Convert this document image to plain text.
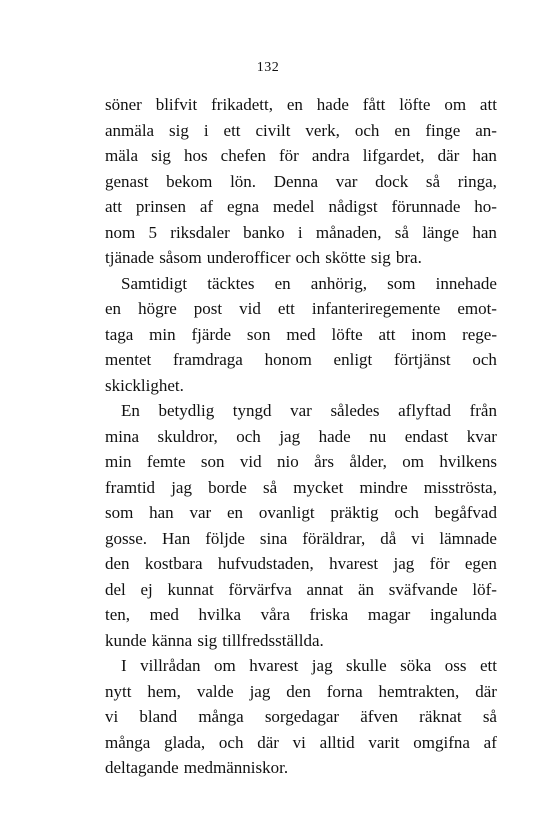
132
söner blifvit frikadett, en hade fått löfte om att
anmäla sig i ett civilt verk, och en finge an-
mäla sig hos chefen för andra lifgardet, där han
genast bekom lön. Denna var dock så ringa,
att prinsen af egna medel nådigst förunnade ho-
nom 5 riksdaler banko i månaden, så länge han
tjänade såsom underofficer och skötte sig bra.
Samtidigt täcktes en anhörig, som innehade
en högre post vid ett infanteriregemente emot-
taga min fjärde son med löfte att inom rege-
mentet framdraga honom enligt förtjänst och
skicklighet.
En betydlig tyngd var således aflyftad från
mina skuldror, och jag hade nu endast kvar
min femte son vid nio års ålder, om hvilkens
framtid jag borde så mycket mindre misströsta,
som han var en ovanligt präktig och begåfvad
gosse. Han följde sina föräldrar, då vi lämnade
den kostbara hufvudstaden, hvarest jag för egen
del ej kunnat förvärfva annat än sväfvande löf-
ten, med hvilka våra friska magar ingalunda
kunde känna sig tillfredsställda.
I villrådan om hvarest jag skulle söka oss ett
nytt hem, valde jag den forna hemtrakten, där
vi bland många sorgedagar äfven räknat så
många glada, och där vi alltid varit omgifna af
deltagande medmänniskor.
